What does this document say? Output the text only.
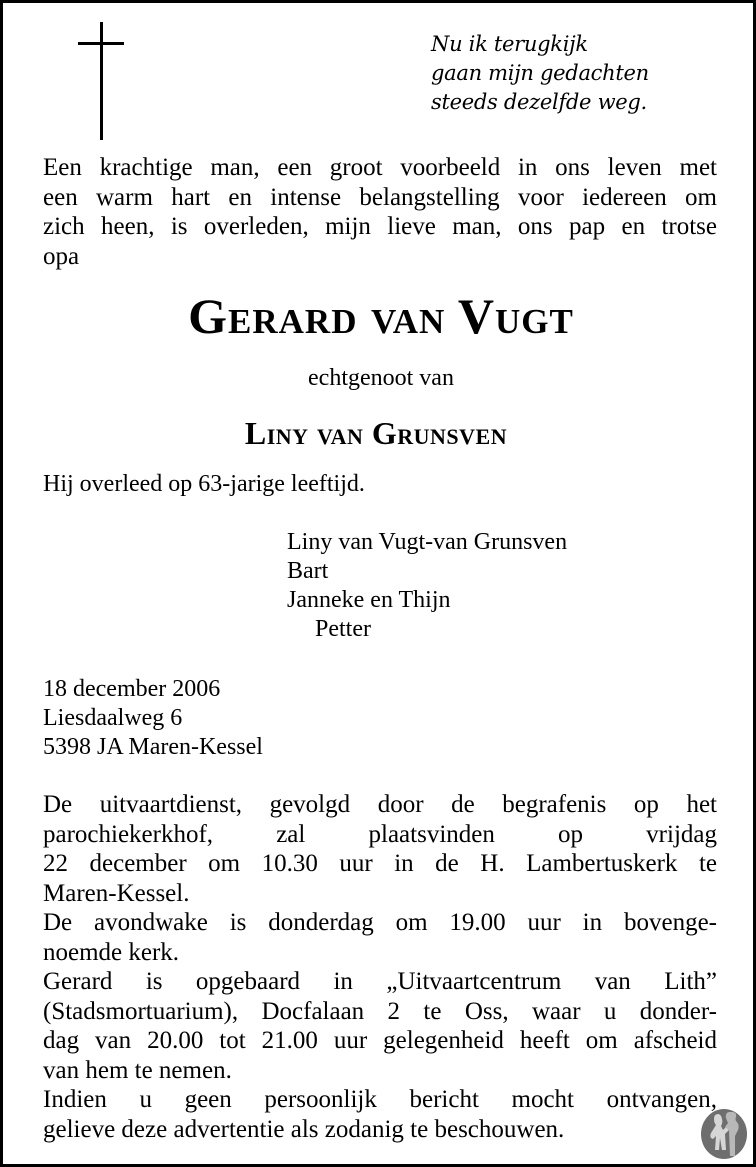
Nu ik terugkijk
gaan mijn gedachten
steeds dezelfde weg.
Een krachtige man, een groot voorbeeld in ons leven met
een warm hart en intense belangstelling voor iedereen om
zich heen, is overleden, mijn lieve man, ons pap en trotse
opa
Gerard van Vugt
echtgenoot van
Liny van Grunsven
Hij overleed op 63-jarige leeftijd.
Liny van Vugt-van Grunsven
Bart
Janneke en Thijn
Petter
18 december 2006
Liesdaalweg 6
5398 JA Maren-Kessel
De uitvaartdienst, gevolgd door de begrafenis op het
parochiekerkhof, zal plaatsvinden op vrijdag
22 december om 10.30 uur in de H. Lambertuskerk te
Maren-Kessel.
De avondwake is donderdag om 19.00 uur in bovenge-
noemde kerk.
Gerard is opgebaard in „Uitvaartcentrum van Lith”
(Stadsmortuarium), Docfalaan 2 te Oss, waar u donder-
dag van 20.00 tot 21.00 uur gelegenheid heeft om afscheid
van hem te nemen.
Indien u geen persoonlijk bericht mocht ontvangen,
gelieve deze advertentie als zodanig te beschouwen.
